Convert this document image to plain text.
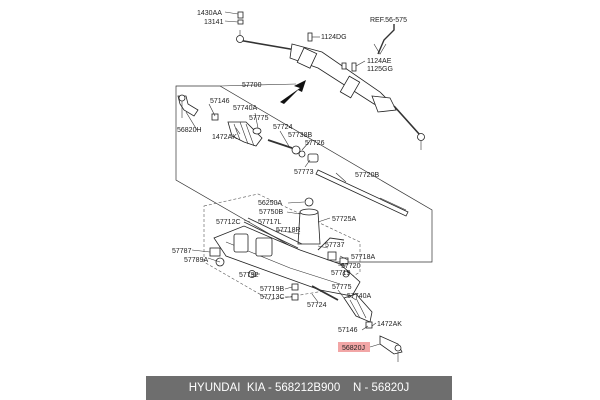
1430AA
13141	REF.56-575
1124DG
1124AE
1125GG
57700
57146
57740A
57775
56820H
1472AK
57724
57738B
57726
57773	57720B
56250A
57750B
57725A
57712C 57717L
57718R
57737
57718A
57720
57719
57787
57789A
57792
57719B
57713C
57775
57740A
57724
57146
1472AK
56820J
HYUNDAI  KIA - 568212B900    N - 56820J
